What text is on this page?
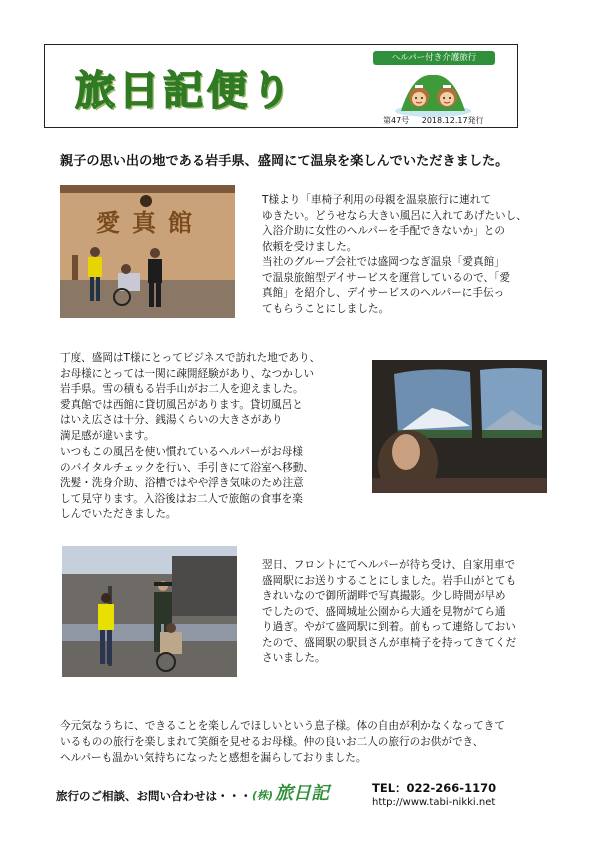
旅日記便り
ヘルパー付き介護旅行
第47号 2018.12.17発行
親子の思い出の地である岩手県、盛岡にて温泉を楽しんでいただきました。
愛真館
T様より「車椅子利用の母親を温泉旅行に連れて
ゆきたい。どうせなら大きい風呂に入れてあげたいし、
入浴介助に女性のヘルパーを手配できないか」との
依頼を受けました。
当社のグループ会社では盛岡つなぎ温泉「愛真館」
で温泉旅館型デイサービスを運営しているので、「愛
真館」を紹介し、デイサービスのヘルパーに手伝っ
てもらうことにしました。
丁度、盛岡はT様にとってビジネスで訪れた地であり、
お母様にとっては一関に疎開経験があり、なつかしい
岩手県。雪の積もる岩手山がお二人を迎えました。
愛真館では西館に貸切風呂があります。貸切風呂と
はいえ広さは十分、銭湯くらいの大きさがあり
満足感が違います。
いつもこの風呂を使い慣れているヘルパーがお母様
のバイタルチェックを行い、手引きにて浴室へ移動、
洗髪・洗身介助、浴槽ではやや浮き気味のため注意
して見守ります。入浴後はお二人で旅館の食事を楽
しんでいただきました。
翌日、フロントにてヘルパーが待ち受け、自家用車で
盛岡駅にお送りすることにしました。岩手山がとても
きれいなので御所湖畔で写真撮影。少し時間が早め
でしたので、盛岡城址公園から大通を見物がてら通
り過ぎ。やがて盛岡駅に到着。前もって連絡しておい
たので、盛岡駅の駅員さんが車椅子を持ってきてくだ
さいました。
今元気なうちに、できることを楽しんでほしいという息子様。体の自由が利かなくなってきて
いるものの旅行を楽しまれて笑顔を見せるお母様。仲の良いお二人の旅行のお供ができ、
ヘルパーも温かい気持ちになったと感想を漏らしておりました。
旅行のご相談、お問い合わせは・・・ (株) 旅日記	TEL：022-266-1170
http://www.tabi-nikki.net
